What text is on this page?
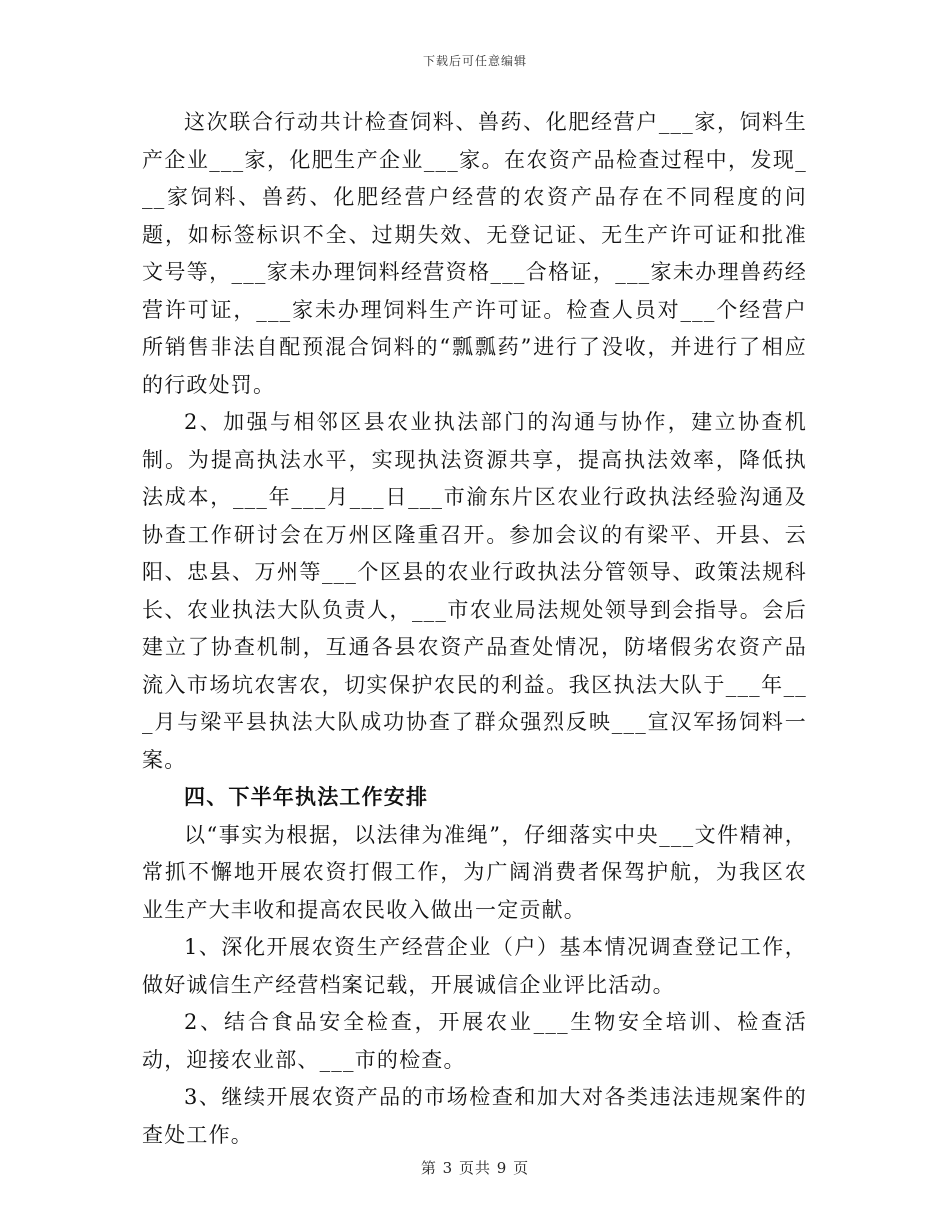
下载后可任意编辑

这次联合行动共计检查饲料、兽药、化肥经营户___家，饲料生产企业___家，化肥生产企业___家。在农资产品检查过程中，发现___家饲料、兽药、化肥经营户经营的农资产品存在不同程度的问题，如标签标识不全、过期失效、无登记证、无生产许可证和批准文号等，___家未办理饲料经营资格___合格证，___家未办理兽药经营许可证，___家未办理饲料生产许可证。检查人员对___个经营户所销售非法自配预混合饲料的“瓢瓢药”进行了没收，并进行了相应的行政处罚。

2、加强与相邻区县农业执法部门的沟通与协作，建立协查机制。为提高执法水平，实现执法资源共享，提高执法效率，降低执法成本，___年___月___日___市渝东片区农业行政执法经验沟通及协查工作研讨会在万州区隆重召开。参加会议的有梁平、开县、云阳、忠县、万州等___个区县的农业行政执法分管领导、政策法规科长、农业执法大队负责人，___市农业局法规处领导到会指导。会后建立了协查机制，互通各县农资产品查处情况，防堵假劣农资产品流入市场坑农害农，切实保护农民的利益。我区执法大队于___年___月与梁平县执法大队成功协查了群众强烈反映___宣汉军扬饲料一案。

四、下半年执法工作安排

以“事实为根据，以法律为准绳”，仔细落实中央___文件精神，常抓不懈地开展农资打假工作，为广阔消费者保驾护航，为我区农业生产大丰收和提高农民收入做出一定贡献。

1、深化开展农资生产经营企业（户）基本情况调查登记工作，做好诚信生产经营档案记载，开展诚信企业评比活动。

2、结合食品安全检查，开展农业___生物安全培训、检查活动，迎接农业部、___市的检查。

3、继续开展农资产品的市场检查和加大对各类违法违规案件的查处工作。

第 3 页共 9 页
